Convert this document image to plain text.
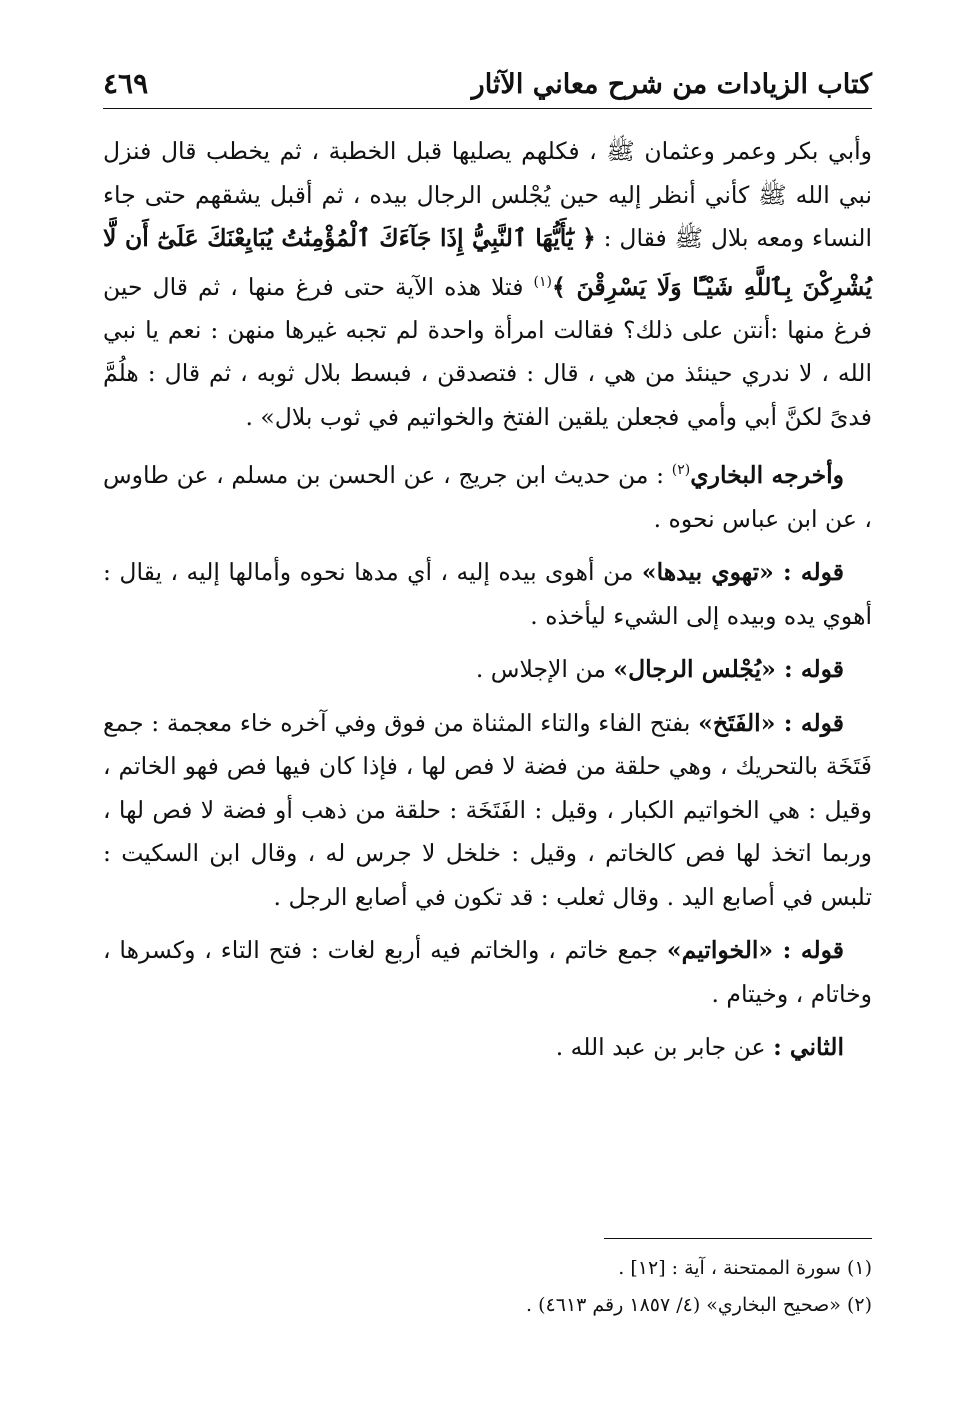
كتاب الزيادات من شرح معاني الآثار
٤٦٩

وأبي بكر وعمر وعثمان ﷺ ، فكلهم يصليها قبل الخطبة ، ثم يخطب قال فنزل نبي الله ﷺ كأني أنظر إليه حين يُجْلس الرجال بيده ، ثم أقبل يشقهم حتى جاء النساء ومعه بلال ﷺ فقال : ﴿ يَٰٓأَيُّهَا ٱلنَّبِيُّ إِذَا جَآءَكَ ٱلْمُؤْمِنَٰتُ يُبَايِعْنَكَ عَلَىٰٓ أَن لَّا يُشْرِكْنَ بِٱللَّهِ شَيْـًٔا وَلَا يَسْرِقْنَ ﴾$^{(١)}$ فتلا هذه الآية حتى فرغ منها ، ثم قال حين فرغ منها :أنتن على ذلك؟ فقالت امرأة واحدة لم تجبه غيرها منهن : نعم يا نبي الله ، لا ندري حينئذ من هي ، قال : فتصدقن ، فبسط بلال ثوبه ، ثم قال : هلُمَّ فدىً لكنَّ أبي وأمي فجعلن يلقين الفتخ والخواتيم في ثوب بلال» .

وأخرجه البخاري$^{(٢)}$ : من حديث ابن جريج ، عن الحسن بن مسلم ، عن طاوس ، عن ابن عباس نحوه .

قوله : «تهوي بيدها» من أهوى بيده إليه ، أي مدها نحوه وأمالها إليه ، يقال : أهوي يده وبيده إلى الشيء ليأخذه .

قوله : «يُجْلس الرجال» من الإجلاس .

قوله : «الفَتَخ» بفتح الفاء والتاء المثناة من فوق وفي آخره خاء معجمة : جمع فَتَخَة بالتحريك ، وهي حلقة من فضة لا فص لها ، فإذا كان فيها فص فهو الخاتم ، وقيل : هي الخواتيم الكبار ، وقيل : الفَتَخَة : حلقة من ذهب أو فضة لا فص لها ، وربما اتخذ لها فص كالخاتم ، وقيل : خلخل لا جرس له ، وقال ابن السكيت : تلبس في أصابع اليد . وقال ثعلب : قد تكون في أصابع الرجل .

قوله : «الخواتيم» جمع خاتم ، والخاتم فيه أربع لغات : فتح التاء ، وكسرها ، وخاتام ، وخيتام .

الثاني : عن جابر بن عبد الله .

(١) سورة الممتحنة ، آية : [١٢] .

(٢) «صحيح البخاري» (٤/ ١٨٥٧ رقم ٤٦١٣) .
